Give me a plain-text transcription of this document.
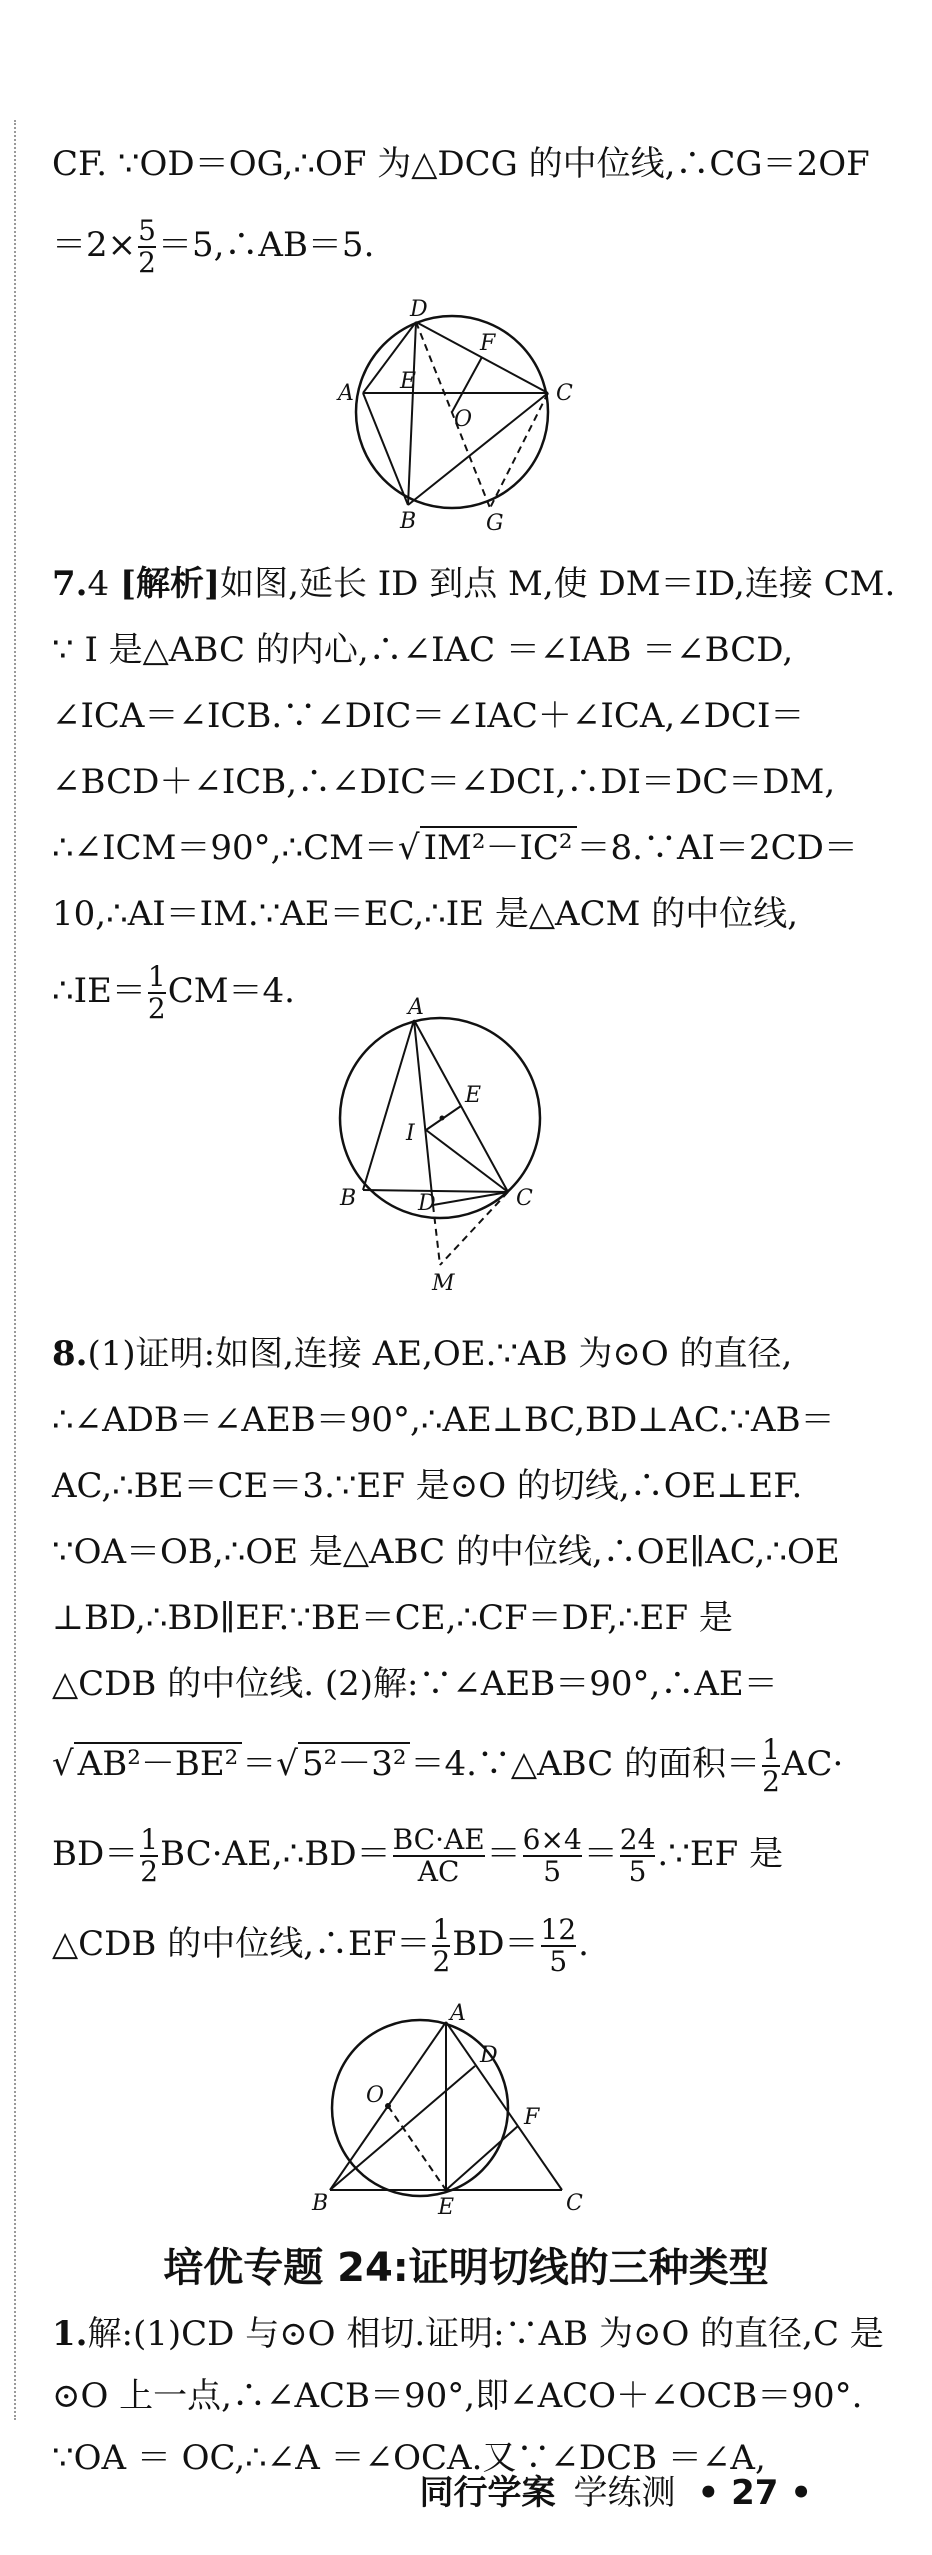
CF. ∵OD＝OG,∴OF 为△DCG 的中位线,∴CG＝2OF
$=2\times \frac{5}{2}$ ＝5,∴AB＝5.
D
F
A E
O
C
B	G
7.4 [解析]如图,延长 ID 到点 M,使 DM＝ID,连接 CM.
∵ I 是△ABC 的内心,∴∠IAC ＝∠IAB ＝∠BCD,
∠ICA＝∠ICB.∵∠DIC＝∠IAC＋∠ICA,∠DCI＝
∠BCD＋∠ICB,∴∠DIC＝∠DCI,∴DI＝DC＝DM,
∴∠ICM＝90°,∴CM＝√ IM²－IC² ＝8.∵AI＝2CD＝
10,∴AI＝IM.∵AE＝EC,∴IE 是△ACM 的中位线,
∴IE＝ $\frac{1}{2} CM=4$.	A
E
I
B	D	C
M
8.(1)证明:如图,连接 AE,OE.∵AB 为⊙O 的直径,
∴∠ADB＝∠AEB＝90°,∴AE⊥BC,BD⊥AC.∵AB＝
AC,∴BE＝CE＝3.∵EF 是⊙O 的切线,∴OE⊥EF.
∵OA＝OB,∴OE 是△ABC 的中位线,∴OE∥AC,∴OE
⊥BD,∴BD∥EF.∵BE＝CE,∴CF＝DF,∴EF 是
△CDB 的中位线. (2)解:∵∠AEB＝90°,∴AE＝
√ AB²－BE² ＝√ 5²－3² ＝4.∵△ABC 的面积＝ $\frac{1}{2} AC\cdot$
$BD= \frac{1}{2}$ BC·AE,∴BD＝ $\frac{BC\cdot AE}{AC} = \frac{6\times 4}{5} = \frac{24}{5}$ .∵EF 是
△CDB 的中位线,∴EF＝ $\frac{1}{2} BD= \frac{12}{5}$ .
A
D
O
F
B	E	C
培优专题 24:证明切线的三种类型
1.解:(1)CD 与⊙O 相切.证明:∵AB 为⊙O 的直径,C 是
⊙O 上一点,∴∠ACB＝90°,即∠ACO＋∠OCB＝90°.
∵OA ＝ OC,∴∠A ＝∠OCA.又∵∠DCB ＝∠A,
同行学案 学练测 • 27 •
